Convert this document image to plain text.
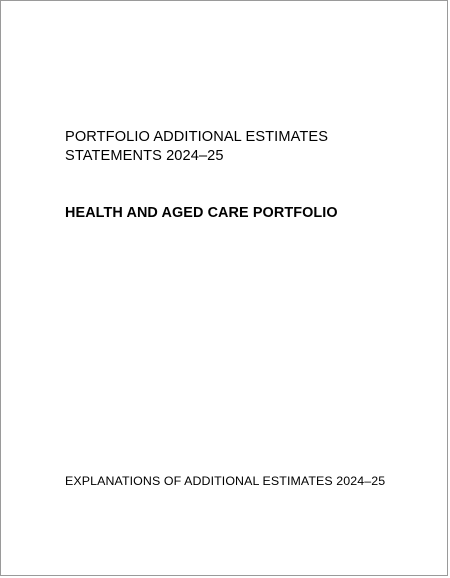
PORTFOLIO ADDITIONAL ESTIMATES
STATEMENTS 2024–25
HEALTH AND AGED CARE PORTFOLIO
EXPLANATIONS OF ADDITIONAL ESTIMATES 2024–25
